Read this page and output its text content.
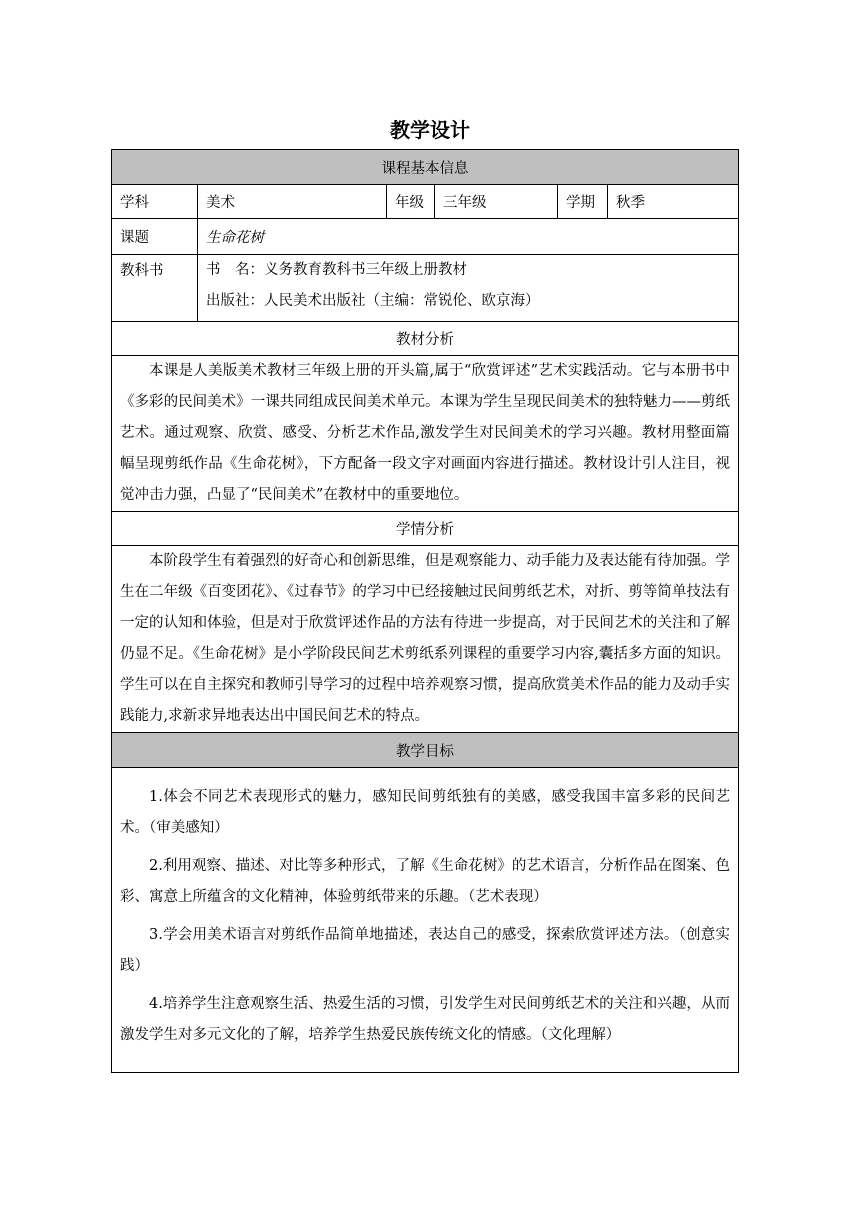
教学设计
课程基本信息					
学科	美术	年级	三年级	学期	秋季
课题	生命花树				
教科书	书　名：义务教育教科书三年级上册教材
出版社：人民美术出版社（主编：常锐伦、欧京海）				

教材分析					
本课是人美版美术教材三年级上册的开头篇,属于“欣赏评述”艺术实践活动。它与本册书中《多彩的民间美术》一课共同组成民间美术单元。本课为学生呈现民间美术的独特魅力——剪纸艺术。通过观察、欣赏、感受、分析艺术作品,激发学生对民间美术的学习兴趣。教材用整面篇幅呈现剪纸作品《生命花树》，下方配备一段文字对画面内容进行描述。教材设计引人注目，视觉冲击力强，凸显了“民间美术”在教材中的重要地位。					
学情分析					
本阶段学生有着强烈的好奇心和创新思维，但是观察能力、动手能力及表达能有待加强。学生在二年级《百变团花》、《过春节》的学习中已经接触过民间剪纸艺术，对折、剪等简单技法有一定的认知和体验，但是对于欣赏评述作品的方法有待进一步提高，对于民间艺术的关注和了解仍显不足。《生命花树》是小学阶段民间艺术剪纸系列课程的重要学习内容,囊括多方面的知识。学生可以在自主探究和教师引导学习的过程中培养观察习惯，提高欣赏美术作品的能力及动手实践能力,求新求异地表达出中国民间艺术的特点。					
教学目标					

1.体会不同艺术表现形式的魅力，感知民间剪纸独有的美感，感受我国丰富多彩的民间艺术。（审美感知）

2.利用观察、描述、对比等多种形式，了解《生命花树》的艺术语言，分析作品在图案、色彩、寓意上所蕴含的文化精神，体验剪纸带来的乐趣。（艺术表现）

3.学会用美术语言对剪纸作品简单地描述，表达自己的感受，探索欣赏评述方法。（创意实践）

4.培养学生注意观察生活、热爱生活的习惯，引发学生对民间剪纸艺术的关注和兴趣，从而激发学生对多元文化的了解，培养学生热爱民族传统文化的情感。（文化理解）					
